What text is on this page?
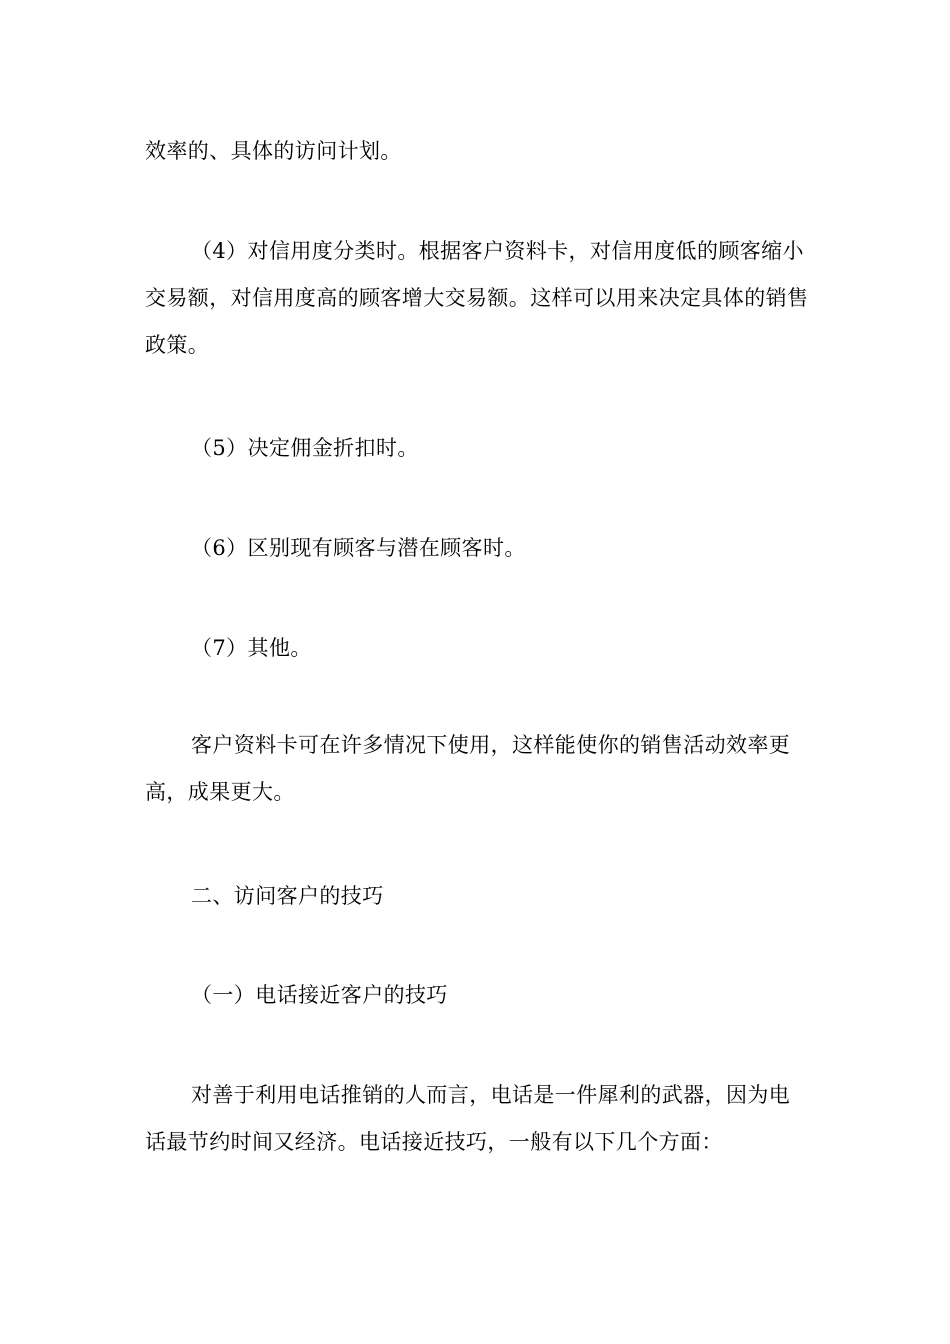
效率的、具体的访问计划。

（4）对信用度分类时。根据客户资料卡，对信用度低的顾客缩小交易额，对信用度高的顾客增大交易额。这样可以用来决定具体的销售政策。

（5）决定佣金折扣时。

（6）区别现有顾客与潜在顾客时。

（7）其他。

客户资料卡可在许多情况下使用，这样能使你的销售活动效率更高，成果更大。

二、访问客户的技巧

（一）电话接近客户的技巧

对善于利用电话推销的人而言，电话是一件犀利的武器，因为电话最节约时间又经济。电话接近技巧，一般有以下几个方面：
